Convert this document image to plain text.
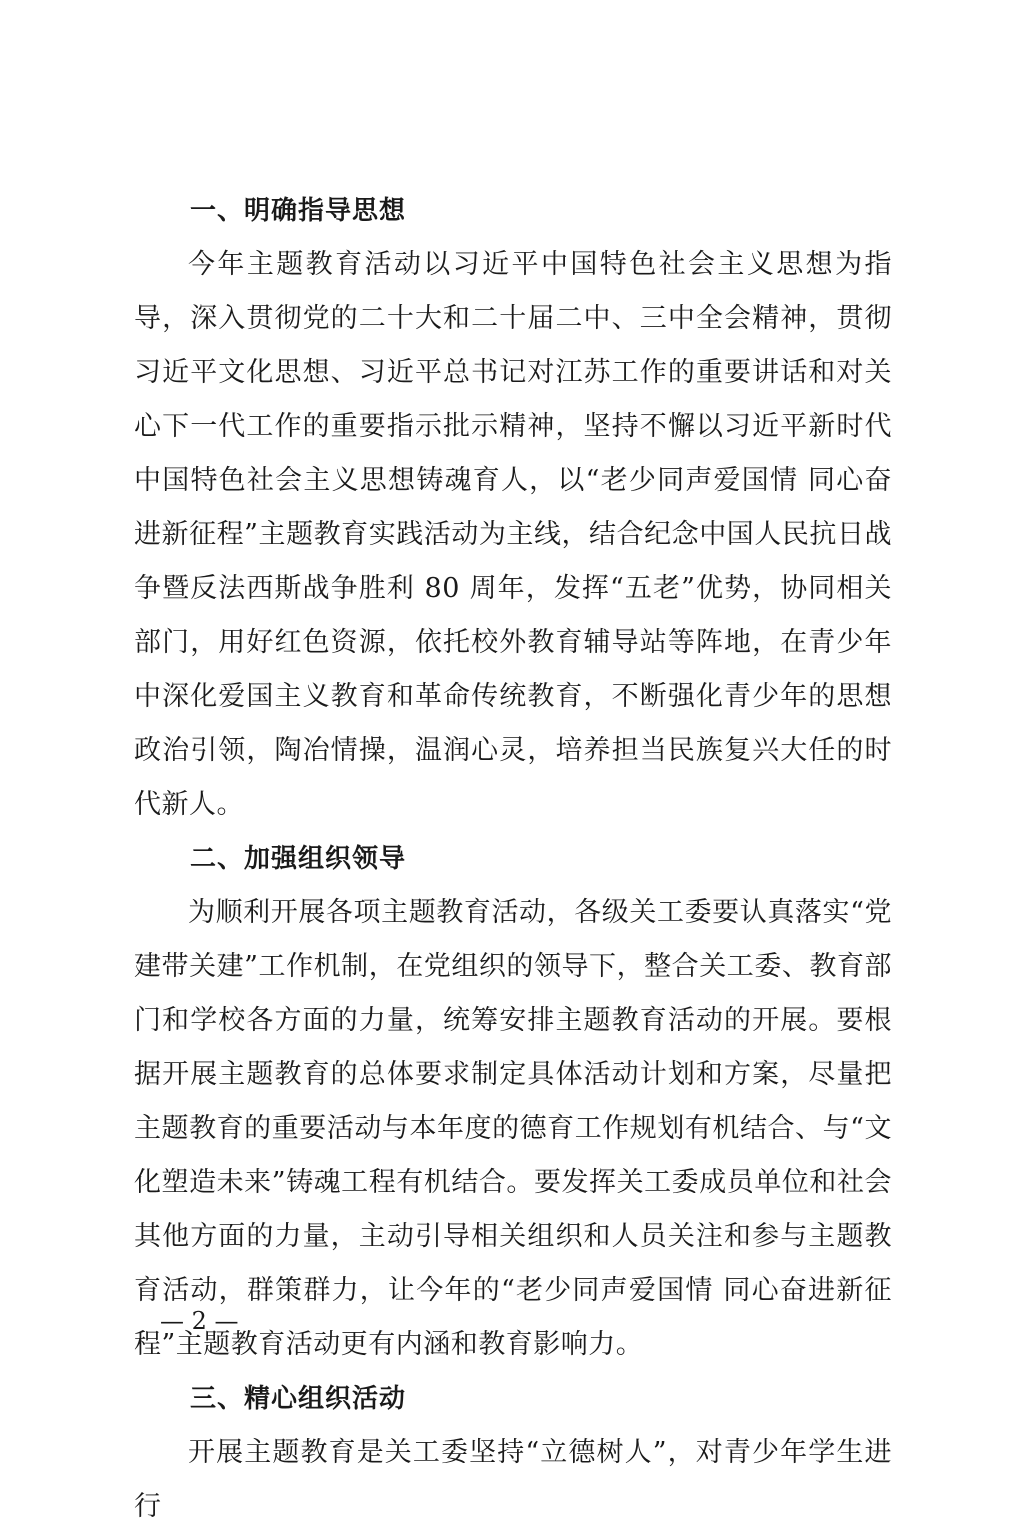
一、明确指导思想

今年主题教育活动以习近平中国特色社会主义思想为指导，深入贯彻党的二十大和二十届二中、三中全会精神，贯彻习近平文化思想、习近平总书记对江苏工作的重要讲话和对关心下一代工作的重要指示批示精神，坚持不懈以习近平新时代中国特色社会主义思想铸魂育人，以“老少同声爱国情 同心奋进新征程”主题教育实践活动为主线，结合纪念中国人民抗日战争暨反法西斯战争胜利 80 周年，发挥“五老”优势，协同相关部门，用好红色资源，依托校外教育辅导站等阵地，在青少年中深化爱国主义教育和革命传统教育，不断强化青少年的思想政治引领，陶冶情操，温润心灵，培养担当民族复兴大任的时代新人。

二、加强组织领导

为顺利开展各项主题教育活动，各级关工委要认真落实“党建带关建”工作机制，在党组织的领导下，整合关工委、教育部门和学校各方面的力量，统筹安排主题教育活动的开展。要根据开展主题教育的总体要求制定具体活动计划和方案，尽量把主题教育的重要活动与本年度的德育工作规划有机结合、与“文化塑造未来”铸魂工程有机结合。要发挥关工委成员单位和社会其他方面的力量，主动引导相关组织和人员关注和参与主题教育活动，群策群力，让今年的“老少同声爱国情 同心奋进新征程”主题教育活动更有内涵和教育影响力。

三、精心组织活动

开展主题教育是关工委坚持“立德树人”，对青少年学生进行

— 2 —
